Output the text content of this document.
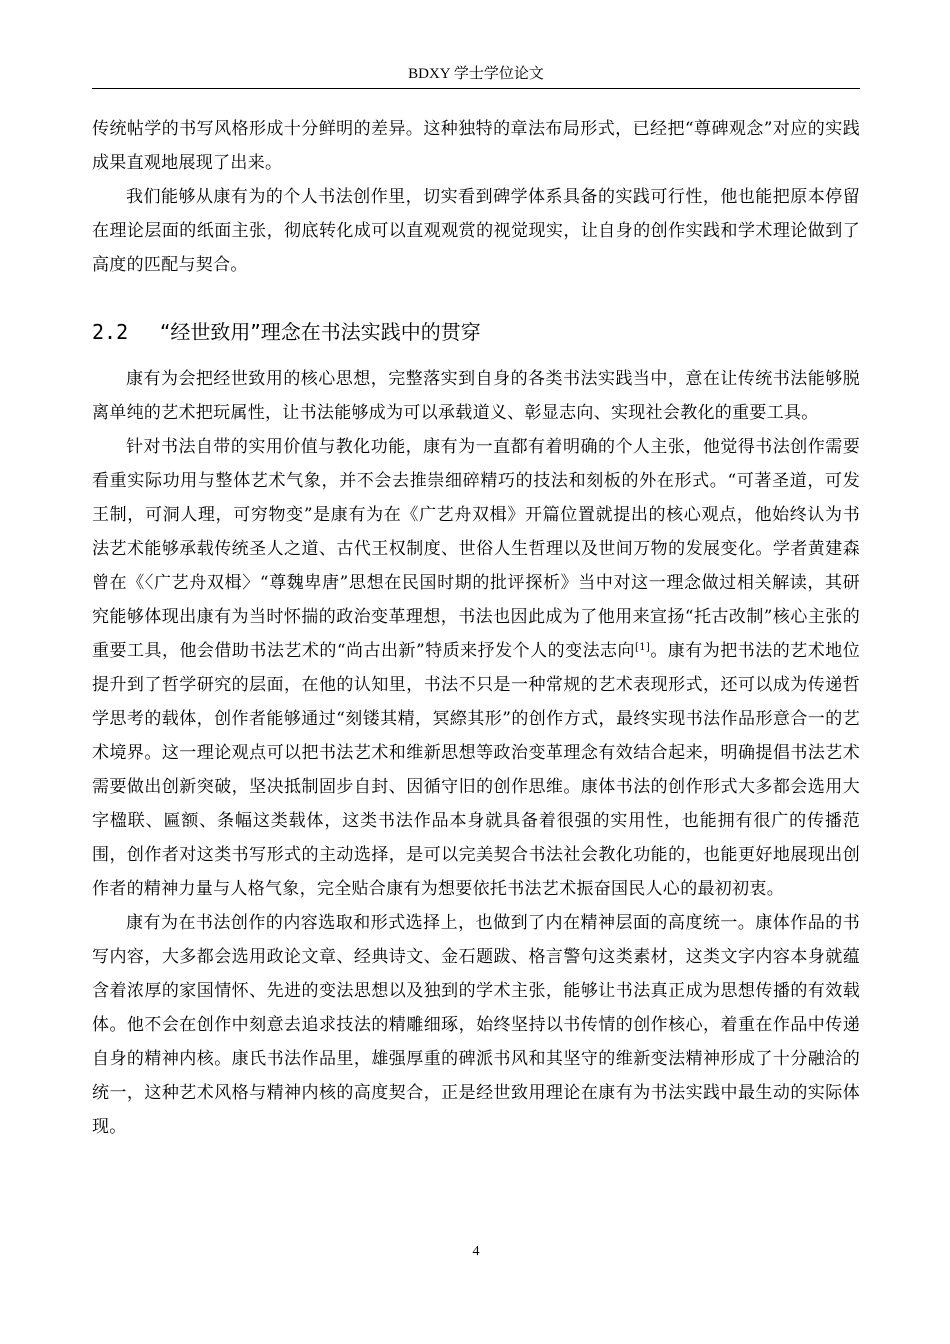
BDXY 学士学位论文

传统帖学的书写风格形成十分鲜明的差异。这种独特的章法布局形式，已经把“尊碑观念”对应的实践成果直观地展现了出来。

我们能够从康有为的个人书法创作里，切实看到碑学体系具备的实践可行性，他也能把原本停留在理论层面的纸面主张，彻底转化成可以直观观赏的视觉现实，让自身的创作实践和学术理论做到了高度的匹配与契合。

2.2 “经世致用”理念在书法实践中的贯穿

康有为会把经世致用的核心思想，完整落实到自身的各类书法实践当中，意在让传统书法能够脱离单纯的艺术把玩属性，让书法能够成为可以承载道义、彰显志向、实现社会教化的重要工具。

针对书法自带的实用价值与教化功能，康有为一直都有着明确的个人主张，他觉得书法创作需要看重实际功用与整体艺术气象，并不会去推崇细碎精巧的技法和刻板的外在形式。“可著圣道，可发王制，可洞人理，可穷物变”是康有为在《广艺舟双楫》开篇位置就提出的核心观点，他始终认为书法艺术能够承载传统圣人之道、古代王权制度、世俗人生哲理以及世间万物的发展变化。学者黄建森曾在《〈广艺舟双楫〉“尊魏卑唐”思想在民国时期的批评探析》当中对这一理念做过相关解读，其研究能够体现出康有为当时怀揣的政治变革理想，书法也因此成为了他用来宣扬“托古改制”核心主张的重要工具，他会借助书法艺术的“尚古出新”特质来抒发个人的变法志向[1]。康有为把书法的艺术地位提升到了哲学研究的层面，在他的认知里，书法不只是一种常规的艺术表现形式，还可以成为传递哲学思考的载体，创作者能够通过“刻镂其精，冥縩其形”的创作方式，最终实现书法作品形意合一的艺术境界。这一理论观点可以把书法艺术和维新思想等政治变革理念有效结合起来，明确提倡书法艺术需要做出创新突破，坚决抵制固步自封、因循守旧的创作思维。康体书法的创作形式大多都会选用大字楹联、匾额、条幅这类载体，这类书法作品本身就具备着很强的实用性，也能拥有很广的传播范围，创作者对这类书写形式的主动选择，是可以完美契合书法社会教化功能的，也能更好地展现出创作者的精神力量与人格气象，完全贴合康有为想要依托书法艺术振奋国民人心的最初初衷。

康有为在书法创作的内容选取和形式选择上，也做到了内在精神层面的高度统一。康体作品的书写内容，大多都会选用政论文章、经典诗文、金石题跋、格言警句这类素材，这类文字内容本身就蕴含着浓厚的家国情怀、先进的变法思想以及独到的学术主张，能够让书法真正成为思想传播的有效载体。他不会在创作中刻意去追求技法的精雕细琢，始终坚持以书传情的创作核心，着重在作品中传递自身的精神内核。康氏书法作品里，雄强厚重的碑派书风和其坚守的维新变法精神形成了十分融洽的统一，这种艺术风格与精神内核的高度契合，正是经世致用理论在康有为书法实践中最生动的实际体现。

4
